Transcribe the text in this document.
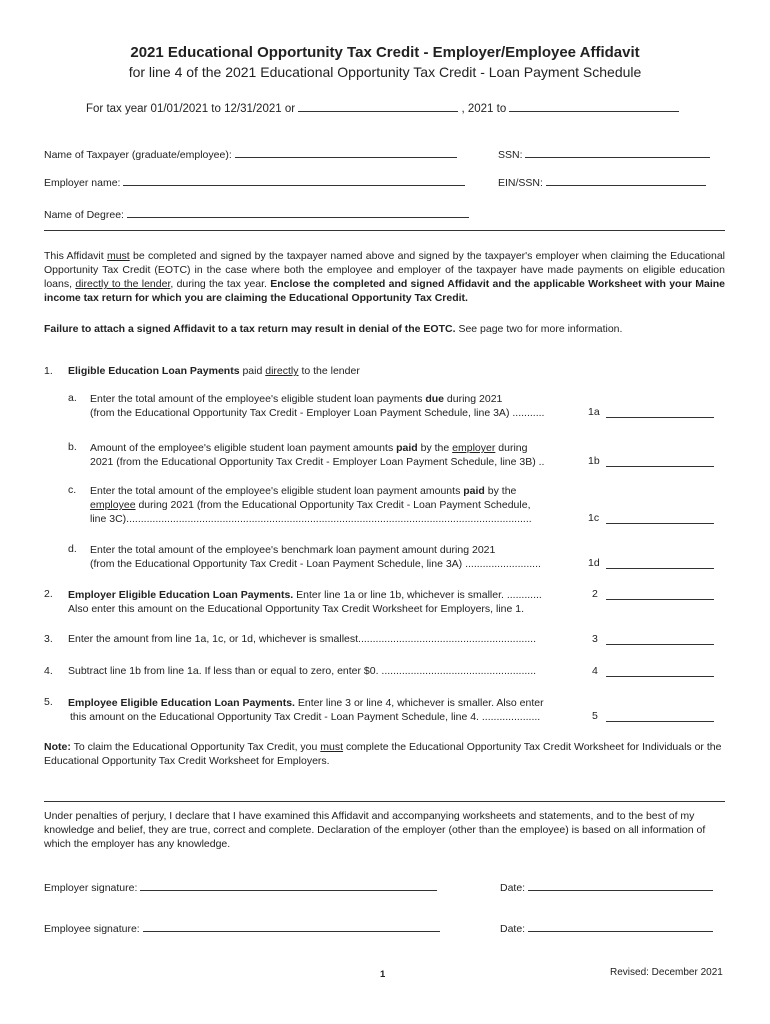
2021 Educational Opportunity Tax Credit - Employer/Employee Affidavit
for line 4 of the 2021 Educational Opportunity Tax Credit - Loan Payment Schedule
For tax year 01/01/2021 to 12/31/2021 or	, 2021 to
Name of Taxpayer (graduate/employee):	SSN:
Employer name:	EIN/SSN:
Name of Degree:
This Affidavit must be completed and signed by the taxpayer named above and signed by the taxpayer's employer when claiming the Educational Opportunity Tax Credit (EOTC) in the case where both the employee and employer of the taxpayer have made payments on eligible education loans, directly to the lender, during the tax year. Enclose the completed and signed Affidavit and the applicable Worksheet with your Maine income tax return for which you are claiming the Educational Opportunity Tax Credit.
Failure to attach a signed Affidavit to a tax return may result in denial of the EOTC. See page two for more information.
1. Eligible Education Loan Payments paid directly to the lender
a. Enter the total amount of the employee's eligible student loan payments due during 2021
(from the Educational Opportunity Tax Credit - Employer Loan Payment Schedule, line 3A) ...........	1a
b. Amount of the employee's eligible student loan payment amounts paid by the employer during
2021 (from the Educational Opportunity Tax Credit - Employer Loan Payment Schedule, line 3B) ..	1b
c. Enter the total amount of the employee's eligible student loan payment amounts paid by the
employee during 2021 (from the Educational Opportunity Tax Credit - Loan Payment Schedule,
line 3C)...........................................................................................................................................	1c
d. Enter the total amount of the employee's benchmark loan payment amount during 2021
(from the Educational Opportunity Tax Credit - Loan Payment Schedule, line 3A) ..........................	1d
2. Employer Eligible Education Loan Payments. Enter line 1a or line 1b, whichever is smaller. ............
Also enter this amount on the Educational Opportunity Tax Credit Worksheet for Employers, line 1.
2
3. Enter the amount from line 1a, 1c, or 1d, whichever is smallest.............................................................	3
4. Subtract line 1b from line 1a. If less than or equal to zero, enter $0. .....................................................	4
5. Employee Eligible Education Loan Payments. Enter line 3 or line 4, whichever is smaller. Also enter
this amount on the Educational Opportunity Tax Credit - Loan Payment Schedule, line 4. ....................	5
Note: To claim the Educational Opportunity Tax Credit, you must complete the Educational Opportunity Tax Credit Worksheet for Individuals or the Educational Opportunity Tax Credit Worksheet for Employers.
Under penalties of perjury, I declare that I have examined this Affidavit and accompanying worksheets and statements, and to the best of my knowledge and belief, they are true, correct and complete. Declaration of the employer (other than the employee) is based on all information of which the employer has any knowledge.
Employer signature:	Date:
Employee signature:	Date:
1	Revised: December 2021
